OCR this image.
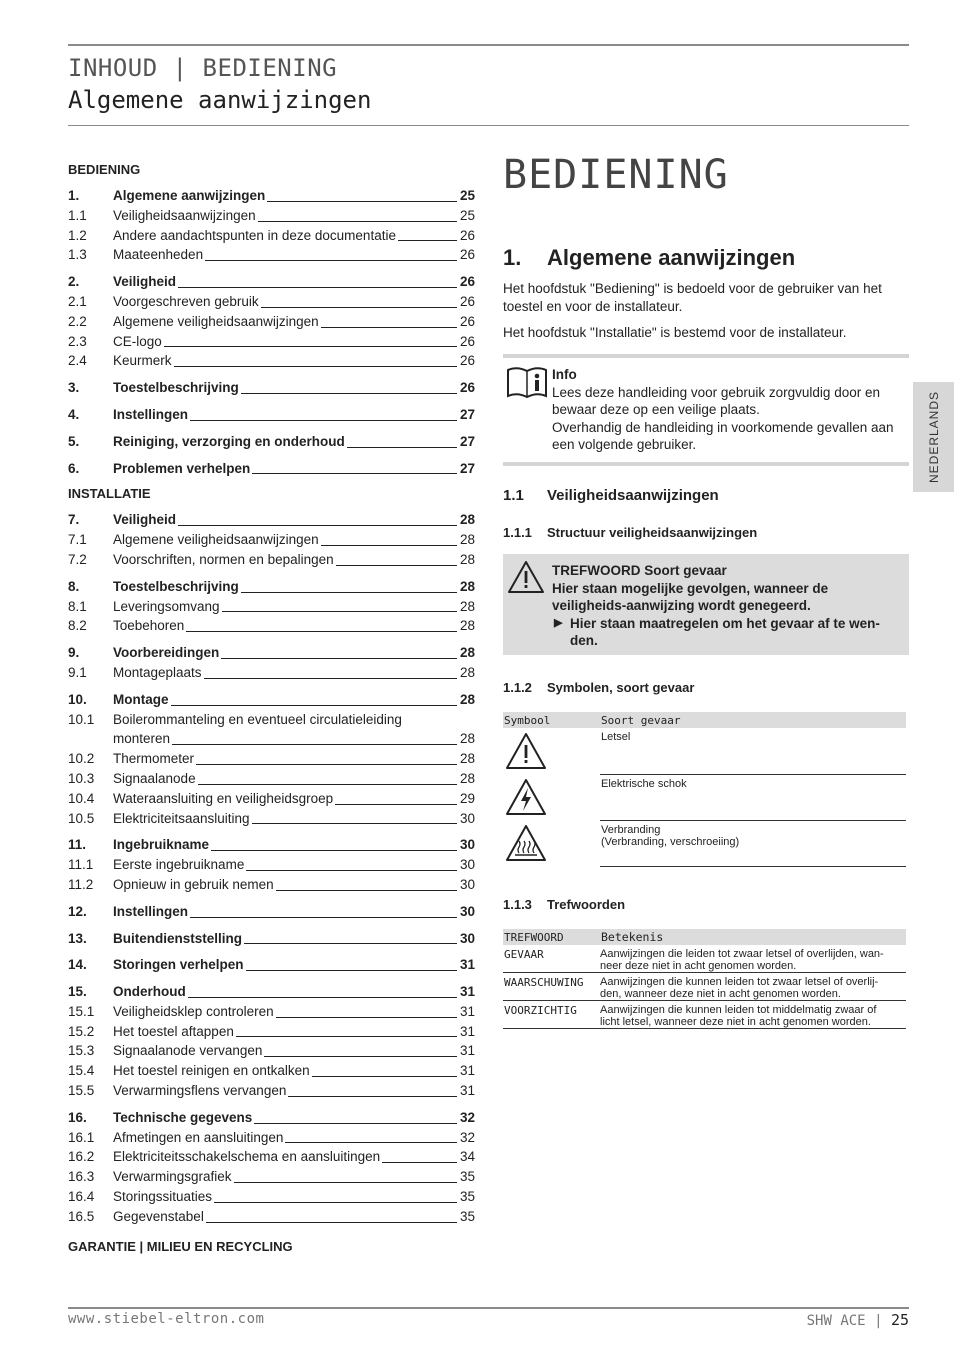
INHOUD | BEDIENING
Algemene aanwijzingen
BEDIENING
1.	Algemene aanwijzingen	25
1.1	Veiligheidsaanwijzingen	25
1.2	Andere aandachtspunten in deze documentatie	26
1.3	Maateenheden	26
2.	Veiligheid	26
2.1	Voorgeschreven gebruik	26
2.2	Algemene veiligheidsaanwijzingen	26
2.3	CE-logo	26
2.4	Keurmerk	26
3.	Toestelbeschrijving	26
4.	Instellingen	27
5.	Reiniging, verzorging en onderhoud	27
6.	Problemen verhelpen	27
INSTALLATIE
7.	Veiligheid	28
7.1	Algemene veiligheidsaanwijzingen	28
7.2	Voorschriften, normen en bepalingen	28
8.	Toestelbeschrijving	28
8.1	Leveringsomvang	28
8.2	Toebehoren	28
9.	Voorbereidingen	28
9.1	Montageplaats	28
10.	Montage	28
10.1	Boilerommanteling en eventueel circulatieleiding
monteren	28
10.2	Thermometer	28
10.3	Signaalanode	28
10.4	Wateraansluiting en veiligheidsgroep	29
10.5	Elektriciteitsaansluiting	30
11.	Ingebruikname	30
11.1	Eerste ingebruikname	30
11.2	Opnieuw in gebruik nemen	30
12.	Instellingen	30
13.	Buitendienststelling	30
14.	Storingen verhelpen	31
15.	Onderhoud	31
15.1	Veiligheidsklep controleren	31
15.2	Het toestel aftappen	31
15.3	Signaalanode vervangen	31
15.4	Het toestel reinigen en ontkalken	31
15.5	Verwarmingsflens vervangen	31
16.	Technische gegevens	32
16.1	Afmetingen en aansluitingen	32
16.2	Elektriciteitsschakelschema en aansluitingen	34
16.3	Verwarmingsgrafiek	35
16.4	Storingssituaties	35
16.5	Gegevenstabel	35
GARANTIE | MILIEU EN RECYCLING
BEDIENING
1. Algemene aanwijzingen
Het hoofdstuk "Bediening" is bedoeld voor de gebruiker van het toestel en voor de installateur.
Het hoofdstuk "Installatie" is bestemd voor de installateur.
Info
Lees deze handleiding voor gebruik zorgvuldig door en bewaar deze op een veilige plaats.
Overhandig de handleiding in voorkomende gevallen aan een volgende gebruiker.
1.1 Veiligheidsaanwijzingen
1.1.1 Structuur veiligheidsaanwijzingen
TREFWOORD Soort gevaar
Hier staan mogelijke gevolgen, wanneer de veiligheids-aanwijzing wordt genegeerd.
▶ Hier staan maatregelen om het gevaar af te wen-den.
1.1.2 Symbolen, soort gevaar
Symbool	Soort gevaar
	Letsel
	Elektrische schok

Verbranding
(Verbranding, verschroeiing)
1.1.3 Trefwoorden
TREFWOORD	Betekenis
GEVAAR	Aanwijzingen die leiden tot zwaar letsel of overlijden, wan-
neer deze niet in acht genomen worden.

WAARSCHUWING	Aanwijzingen die kunnen leiden tot zwaar letsel of overlij-
den, wanneer deze niet in acht genomen worden.

VOORZICHTIG	Aanwijzingen die kunnen leiden tot middelmatig zwaar of
licht letsel, wanneer deze niet in acht genomen worden.
NEDERLANDS
www.stiebel-eltron.com	SHW ACE | 25
